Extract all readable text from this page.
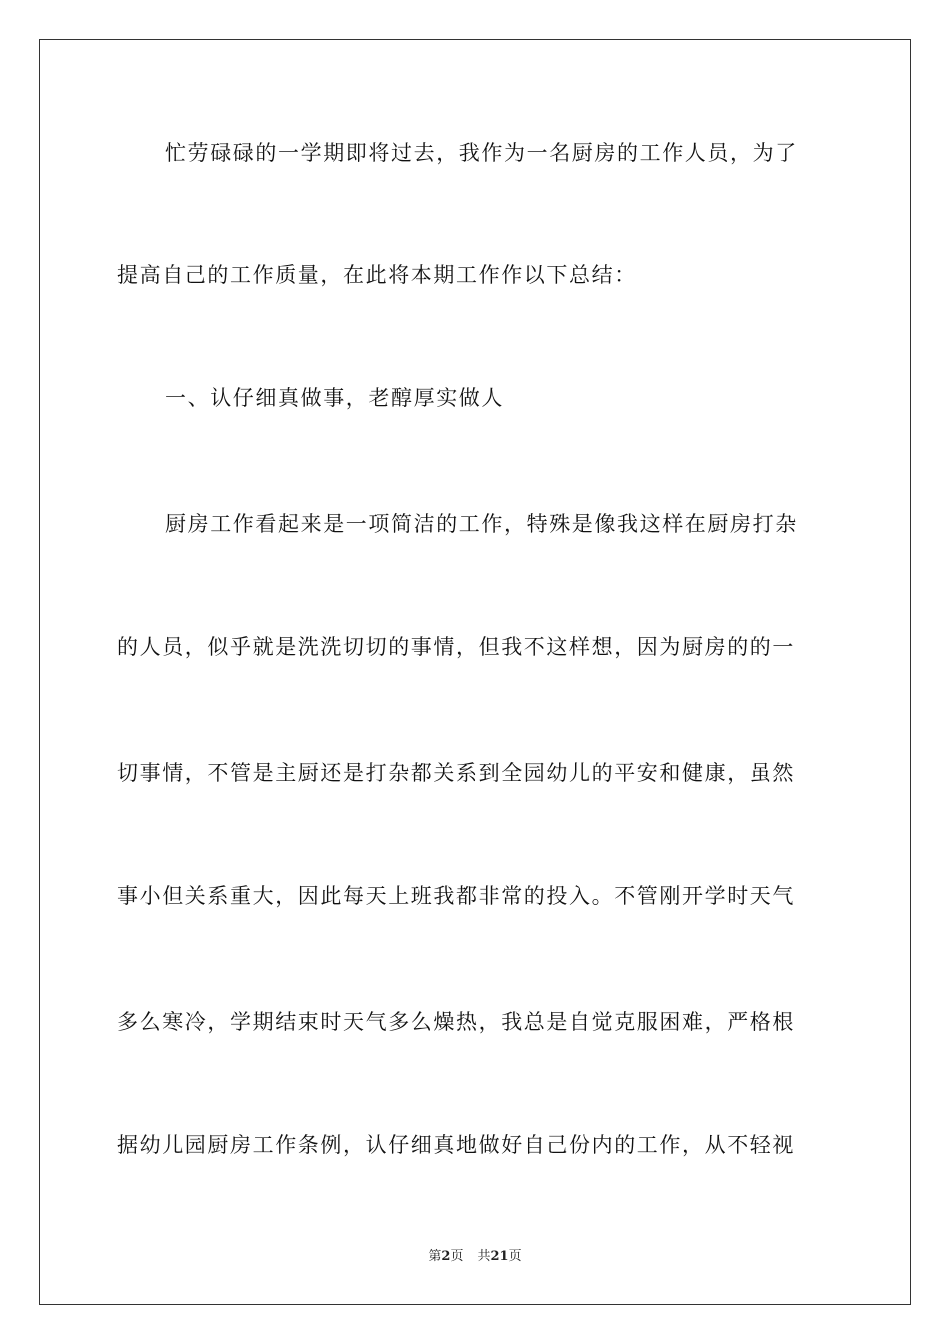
忙劳碌碌的一学期即将过去，我作为一名厨房的工作人员，为了
提高自己的工作质量，在此将本期工作作以下总结：
一、认仔细真做事，老醇厚实做人
厨房工作看起来是一项简洁的工作，特殊是像我这样在厨房打杂
的人员，似乎就是洗洗切切的事情，但我不这样想，因为厨房的的一
切事情，不管是主厨还是打杂都关系到全园幼儿的平安和健康，虽然
事小但关系重大，因此每天上班我都非常的投入。不管刚开学时天气
多么寒冷，学期结束时天气多么燥热，我总是自觉克服困难，严格根
据幼儿园厨房工作条例，认仔细真地做好自己份内的工作，从不轻视
第2页 共21页
